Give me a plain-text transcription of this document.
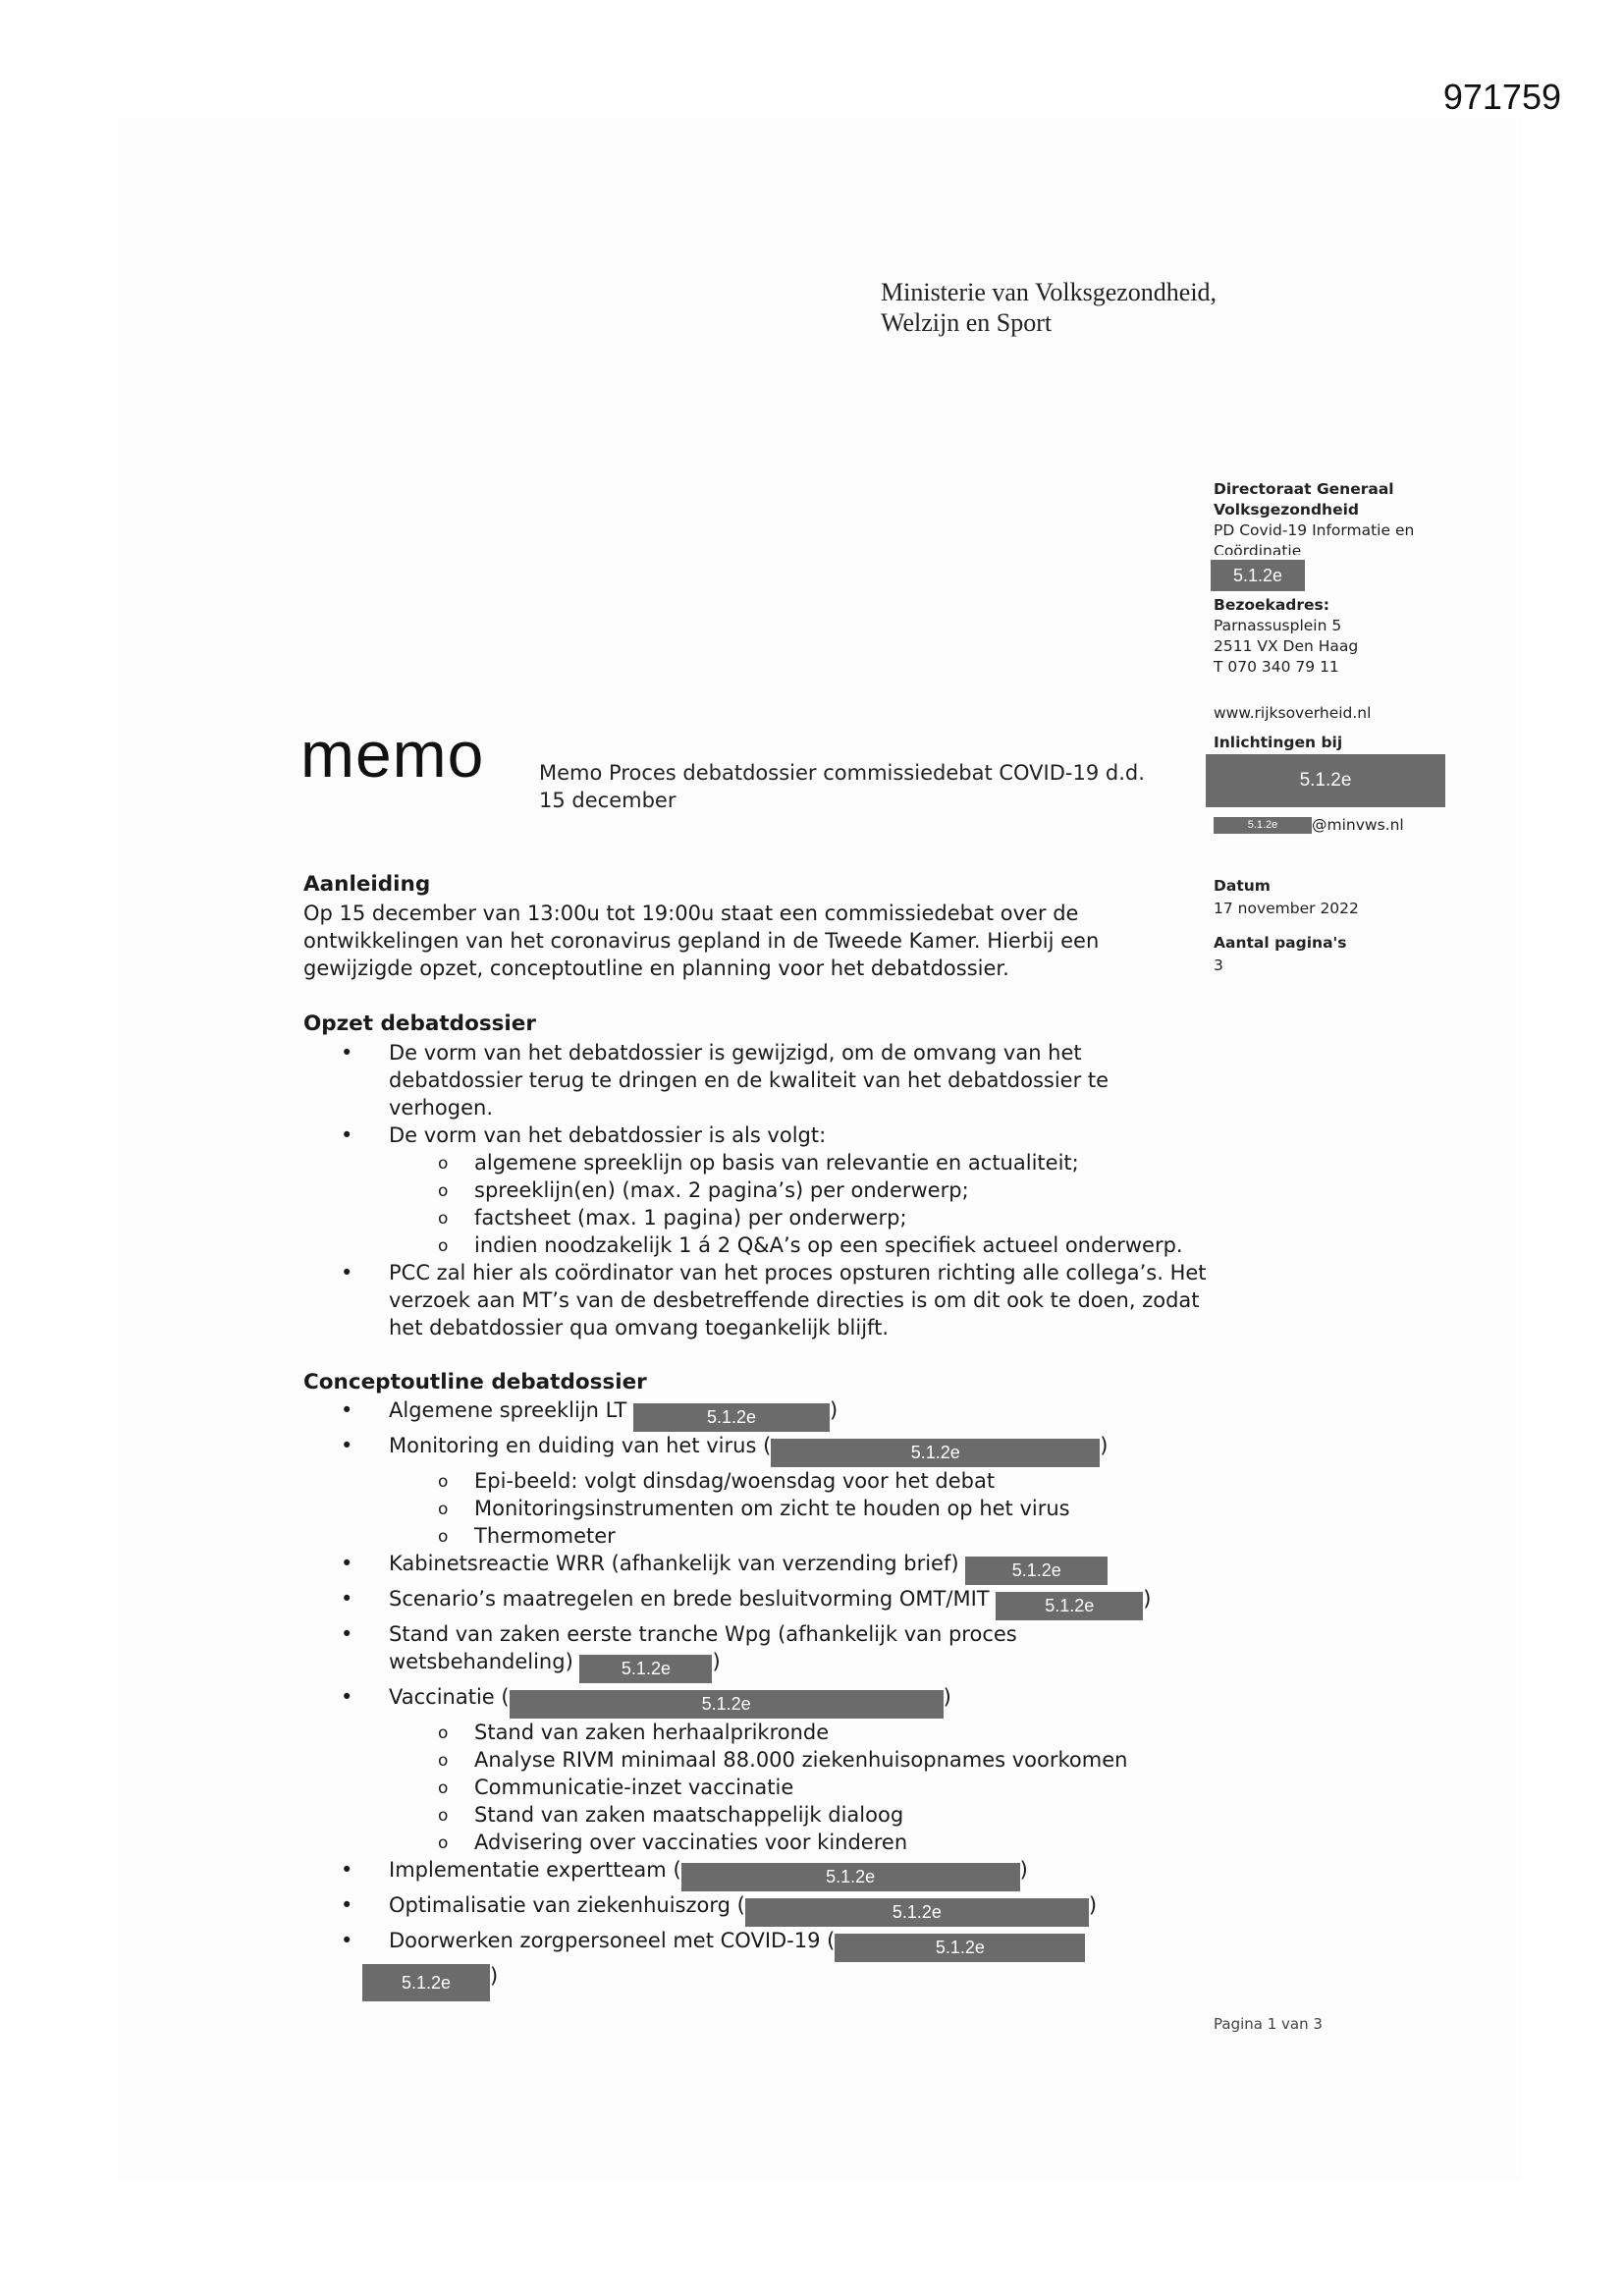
971759
Ministerie van Volksgezondheid,
Welzijn en Sport
Directoraat Generaal
Volksgezondheid
PD Covid-19 Informatie en
Coördinatie
5.1.2e
Bezoekadres:
Parnassusplein 5
2511 VX Den Haag
T 070 340 79 11
www.rijksoverheid.nl
Inlichtingen bij
5.1.2e
5.1.2e @minvws.nl
Datum
17 november 2022
Aantal pagina's
3
memo	Memo Proces debatdossier commissiedebat COVID-19 d.d.
15 december
Aanleiding

Op 15 december van 13:00u tot 19:00u staat een commissiedebat over de ontwikkelingen van het coronavirus gepland in de Tweede Kamer. Hierbij een gewijzigde opzet, conceptoutline en planning voor het debatdossier.

Opzet debatdossier
• De vorm van het debatdossier is gewijzigd, om de omvang van het debatdossier terug te dringen en de kwaliteit van het debatdossier te verhogen.
• De vorm van het debatdossier is als volgt:
o algemene spreeklijn op basis van relevantie en actualiteit;
o spreeklijn(en) (max. 2 pagina’s) per onderwerp;
o factsheet (max. 1 pagina) per onderwerp;
o indien noodzakelijk 1 á 2 Q&A’s op een specifiek actueel onderwerp.
• PCC zal hier als coördinator van het proces opsturen richting alle collega’s. Het verzoek aan MT’s van de desbetreffende directies is om dit ook te doen, zodat het debatdossier qua omvang toegankelijk blijft.
Conceptoutline debatdossier
• Algemene spreeklijn LT	5.1.2e	)
• Monitoring en duiding van het virus (	5.1.2e	)
o Epi-beeld: volgt dinsdag/woensdag voor het debat
o Monitoringsinstrumenten om zicht te houden op het virus
o Thermometer
• Kabinetsreactie WRR (afhankelijk van verzending brief)	5.1.2e
• Scenario’s maatregelen en brede besluitvorming OMT/MIT	5.1.2e )
• Stand van zaken eerste tranche Wpg (afhankelijk van proces wetsbehandeling)	5.1.2e )
• Vaccinatie (	5.1.2e	)
o Stand van zaken herhaalprikronde
o Analyse RIVM minimaal 88.000 ziekenhuisopnames voorkomen
o Communicatie-inzet vaccinatie
o Stand van zaken maatschappelijk dialoog
o Advisering over vaccinaties voor kinderen
• Implementatie expertteam (	5.1.2e	)
• Optimalisatie van ziekenhuiszorg (	5.1.2e	)
• Doorwerken zorgpersoneel met COVID-19 (	5.1.2e
5.1.2e )
Pagina 1 van 3
